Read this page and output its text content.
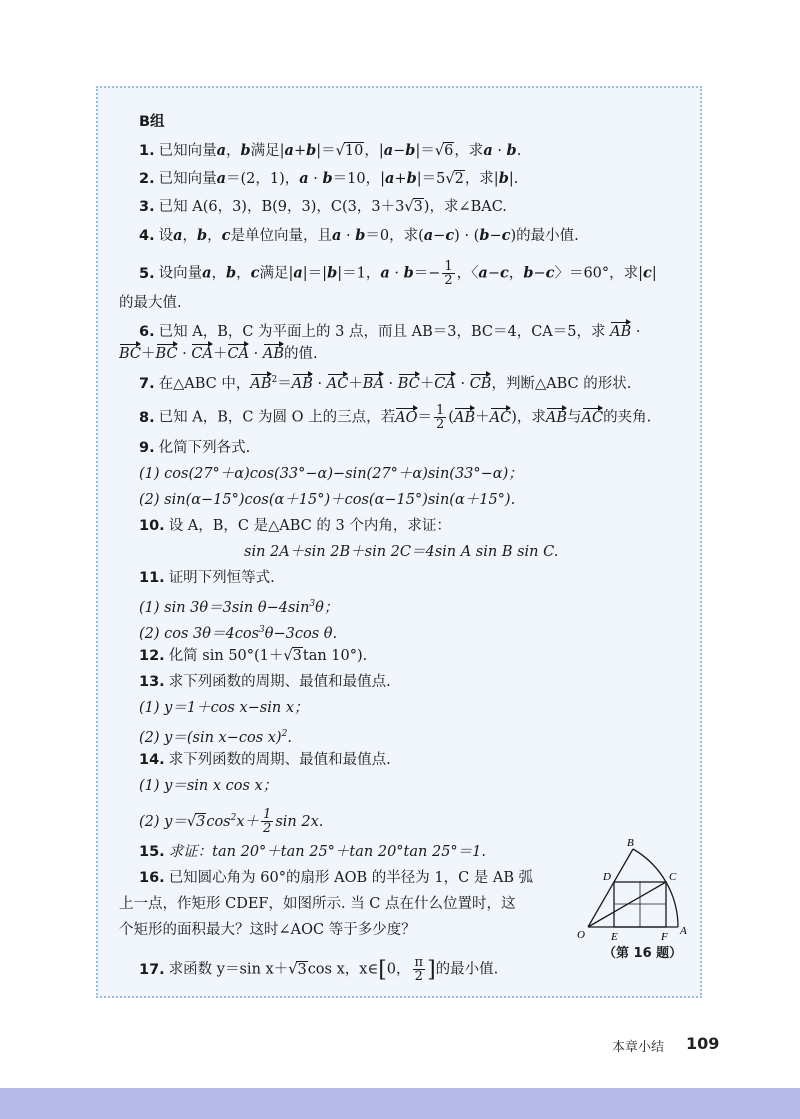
B组
1. 已知向量a，b满足|a+b|＝√10，|a−b|＝√6，求a · b.
2. 已知向量a＝(2，1)，a · b＝10，|a+b|＝5√2，求|b|.
3. 已知 A(6，3)，B(9，3)，C(3，3＋3√3)，求∠BAC.
4. 设a，b，c是单位向量，且a · b＝0，求(a−c) · (b−c)的最小值.
5. 设向量a，b，c满足|a|＝|b|＝1，$a \cdot b=- \frac{1}{2}$ ，〈a−c，b−c〉＝60°，求|c|
的最大值.
6. 已知 A，B，C 为平面上的 3 点，而且 AB＝3，BC＝4，CA＝5，求 AB ·
BC＋BC · CA＋CA · AB的值.
7. 在△ABC 中，$AB^2=AB \cdot AC+BA \cdot BC+CA$ · CB，判断△ABC 的形状.
8. 已知 A，B，C 为圆 O 上的三点，若$AO= \frac{1}{2} (AB+AC)$，求AB与AC的夹角.
9. 化简下列各式.
(1) cos(27°＋α)cos(33°−α)−sin(27°＋α)sin(33°−α)；
(2) sin(α−15°)cos(α＋15°)＋cos(α−15°)sin(α＋15°).
10. 设 A，B，C 是△ABC 的 3 个内角，求证：
sin 2A＋sin 2B＋sin 2C＝4sin A sin B sin C.
11. 证明下列恒等式.
(1) sin 3θ＝3sin $\theta-4\sin^3\theta$；
(2) $\cos 3\theta=4\cos^3\theta-3\cos$ θ.
12. 化简 sin 50°(1＋√3tan 10°).
13. 求下列函数的周期、最值和最值点.
(1) y＝1＋cos x−sin x；
(2) y＝(sin x−cos x)$^2$.
14. 求下列函数的周期、最值和最值点.
(1) y＝sin x cos x；
(2) $y=√3\cos^2x+ \frac{1}{2}$ sin 2x.
15. 求证：tan 20°＋tan 25°＋tan 20°tan 25°＝1.
16. 已知圆心角为 60°的扇形 AOB 的半径为 1，C 是 AB 弧
上一点，作矩形 CDEF，如图所示. 当 C 点在什么位置时，这
个矩形的面积最大？这时∠AOC 等于多少度？
17. 求函数 y＝sin x＋√3cos x，x∈[0， $\frac{\pi}{2}$ ]的最小值.
B
C
D
O E	F A
（第 16 题）
本章小结 109
